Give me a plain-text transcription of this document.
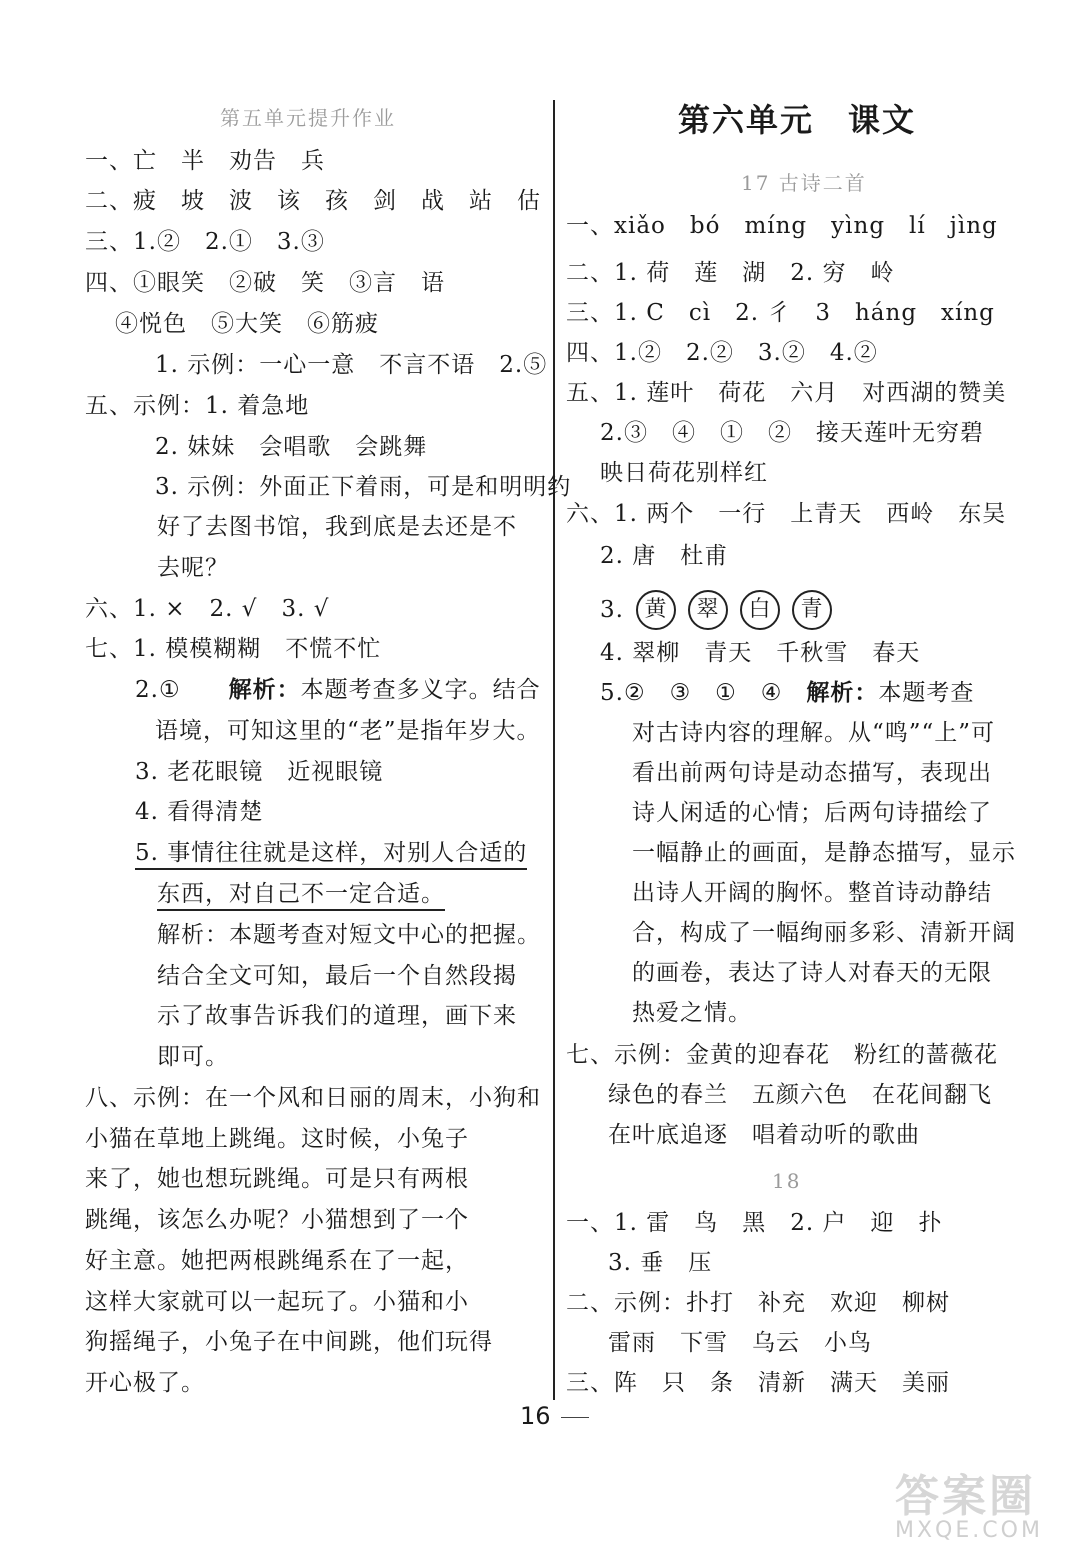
第五单元提升作业
一、亡　半　劝告　兵
二、疲　坡　波　该　孩　剑　战　站　估
三、1.②　2.①　3.③
四、①眼笑　②破　笑　③言　语
④悦色　⑤大笑　⑥筋疲
1. 示例：一心一意　不言不语　2.⑤
五、示例：1. 着急地
2. 妹妹　会唱歌　会跳舞
3. 示例：外面正下着雨，可是和明明约
好了去图书馆，我到底是去还是不
去呢？
六、1. ×　2. √　3. √
七、1. 模模糊糊　不慌不忙
2.①　　 解析：本题考查多义字。结合
语境，可知这里的“老”是指年岁大。
3. 老花眼镜　近视眼镜
4. 看得清楚
5. 事情往往就是这样，对别人合适的
东西，对自己不一定合适。
解析：本题考查对短文中心的把握。
结合全文可知，最后一个自然段揭
示了故事告诉我们的道理，画下来
即可。
八、示例：在一个风和日丽的周末，小狗和
小猫在草地上跳绳。这时候，小兔子
来了，她也想玩跳绳。可是只有两根
跳绳，该怎么办呢？小猫想到了一个
好主意。她把两根跳绳系在了一起，
这样大家就可以一起玩了。小猫和小
狗摇绳子，小兔子在中间跳，他们玩得
开心极了。
第六单元　课文
17 古诗二首
一、xiǎo　bó　míng　yìng　lí　jìng
二、1. 荷　莲　湖　2. 穷　岭
三、1. C　cì　2. 彳　3　háng　xíng
四、1.②　2.②　3.②　4.②
五、1. 莲叶　荷花　六月　对西湖的赞美
2.③　④　①　②　接天莲叶无穷碧
映日荷花别样红
六、1. 两个　一行　上青天　西岭　东吴
2. 唐　杜甫
3. 黄	翠	白	青
4. 翠柳　青天　千秋雪　春天
5.②　③　①　④　 解析：本题考查
对古诗内容的理解。从“鸣”“上”可
看出前两句诗是动态描写，表现出
诗人闲适的心情；后两句诗描绘了
一幅静止的画面，是静态描写，显示
出诗人开阔的胸怀。整首诗动静结
合，构成了一幅绚丽多彩、清新开阔
的画卷，表达了诗人对春天的无限
热爱之情。
七、示例：金黄的迎春花　粉红的蔷薇花
绿色的春兰　五颜六色　在花间翻飞
在叶底追逐　唱着动听的歌曲
18
一、1. 雷　鸟　黑　2. 户　迎　扑
3. 垂　压
二、示例：扑打　补充　欢迎　柳树
雷雨　下雪　乌云　小鸟
三、阵　只　条　清新　满天　美丽
16
答案圈
MXQE.COM
